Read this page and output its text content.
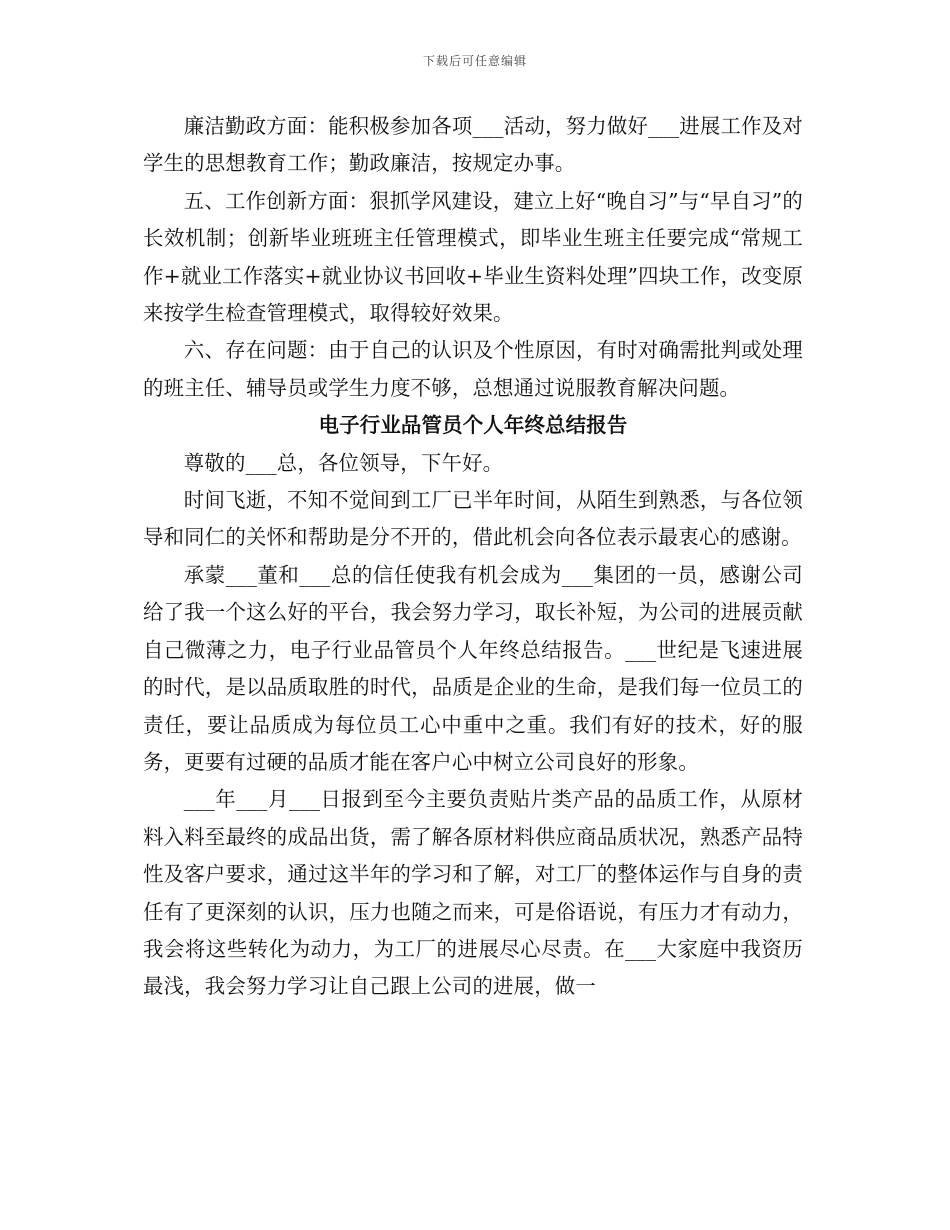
下载后可任意编辑

廉洁勤政方面：能积极参加各项___活动，努力做好___进展工作及对学生的思想教育工作；勤政廉洁，按规定办事。

五、工作创新方面：狠抓学风建设，建立上好“晚自习”与“早自习”的长效机制；创新毕业班班主任管理模式，即毕业生班主任要完成“常规工作+就业工作落实+就业协议书回收+毕业生资料处理”四块工作，改变原来按学生检查管理模式，取得较好效果。

六、存在问题：由于自己的认识及个性原因，有时对确需批判或处理的班主任、辅导员或学生力度不够，总想通过说服教育解决问题。

电子行业品管员个人年终总结报告

尊敬的___总，各位领导，下午好。

时间飞逝，不知不觉间到工厂已半年时间，从陌生到熟悉，与各位领导和同仁的关怀和帮助是分不开的，借此机会向各位表示最衷心的感谢。

承蒙___董和___总的信任使我有机会成为___集团的一员，感谢公司给了我一个这么好的平台，我会努力学习，取长补短，为公司的进展贡献自己微薄之力，电子行业品管员个人年终总结报告。___世纪是飞速进展的时代，是以品质取胜的时代，品质是企业的生命，是我们每一位员工的责任，要让品质成为每位员工心中重中之重。我们有好的技术，好的服务，更要有过硬的品质才能在客户心中树立公司良好的形象。

___年___月___日报到至今主要负责贴片类产品的品质工作，从原材料入料至最终的成品出货，需了解各原材料供应商品质状况，熟悉产品特性及客户要求，通过这半年的学习和了解，对工厂的整体运作与自身的责任有了更深刻的认识，压力也随之而来，可是俗语说，有压力才有动力，我会将这些转化为动力，为工厂的进展尽心尽责。在___大家庭中我资历最浅，我会努力学习让自己跟上公司的进展，做一
